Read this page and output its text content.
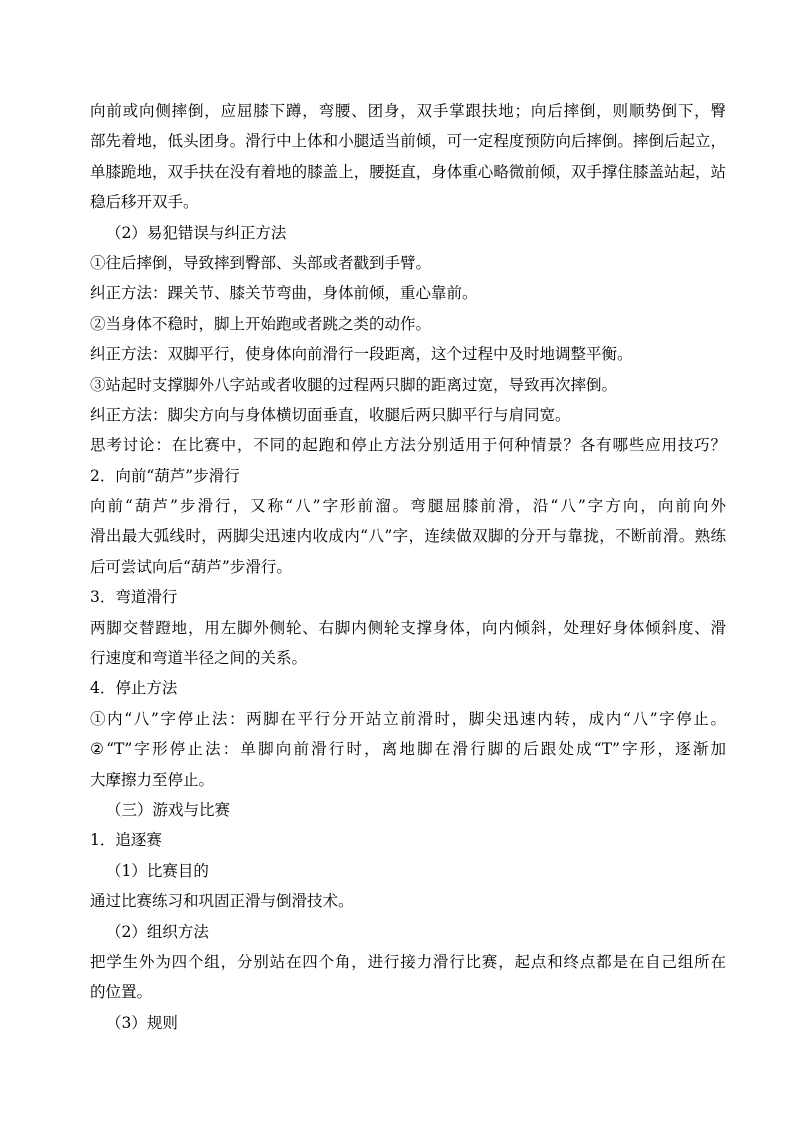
向前或向侧摔倒，应屈膝下蹲，弯腰、团身，双手掌跟扶地；向后摔倒，则顺势倒下，臀
部先着地，低头团身。滑行中上体和小腿适当前倾，可一定程度预防向后摔倒。摔倒后起立，
单膝跪地，双手扶在没有着地的膝盖上，腰挺直，身体重心略微前倾，双手撑住膝盖站起，站
稳后移开双手。
（2）易犯错误与纠正方法
①往后摔倒，导致摔到臀部、头部或者戳到手臂。
纠正方法：踝关节、膝关节弯曲，身体前倾，重心靠前。
②当身体不稳时，脚上开始跑或者跳之类的动作。
纠正方法：双脚平行，使身体向前滑行一段距离，这个过程中及时地调整平衡。
③站起时支撑脚外八字站或者收腿的过程两只脚的距离过宽，导致再次摔倒。
纠正方法：脚尖方向与身体横切面垂直，收腿后两只脚平行与肩同宽。
思考讨论：在比赛中，不同的起跑和停止方法分别适用于何种情景？各有哪些应用技巧？
2．向前“葫芦”步滑行
向前“葫芦”步滑行，又称“八”字形前溜。弯腿屈膝前滑，沿“八”字方向，向前向外
滑出最大弧线时，两脚尖迅速内收成内“八”字，连续做双脚的分开与靠拢，不断前滑。熟练
后可尝试向后“葫芦”步滑行。
3．弯道滑行
两脚交替蹬地，用左脚外侧轮、右脚内侧轮支撑身体，向内倾斜，处理好身体倾斜度、滑
行速度和弯道半径之间的关系。
4．停止方法
①内“八”字停止法：两脚在平行分开站立前滑时，脚尖迅速内转，成内“八”字停止。
②“T”字形停止法：单脚向前滑行时，离地脚在滑行脚的后跟处成“T”字形，逐渐加
大摩擦力至停止。
（三）游戏与比赛
1．追逐赛
（1）比赛目的
通过比赛练习和巩固正滑与倒滑技术。
（2）组织方法
把学生外为四个组，分别站在四个角，进行接力滑行比赛，起点和终点都是在自己组所在
的位置。
（3）规则
